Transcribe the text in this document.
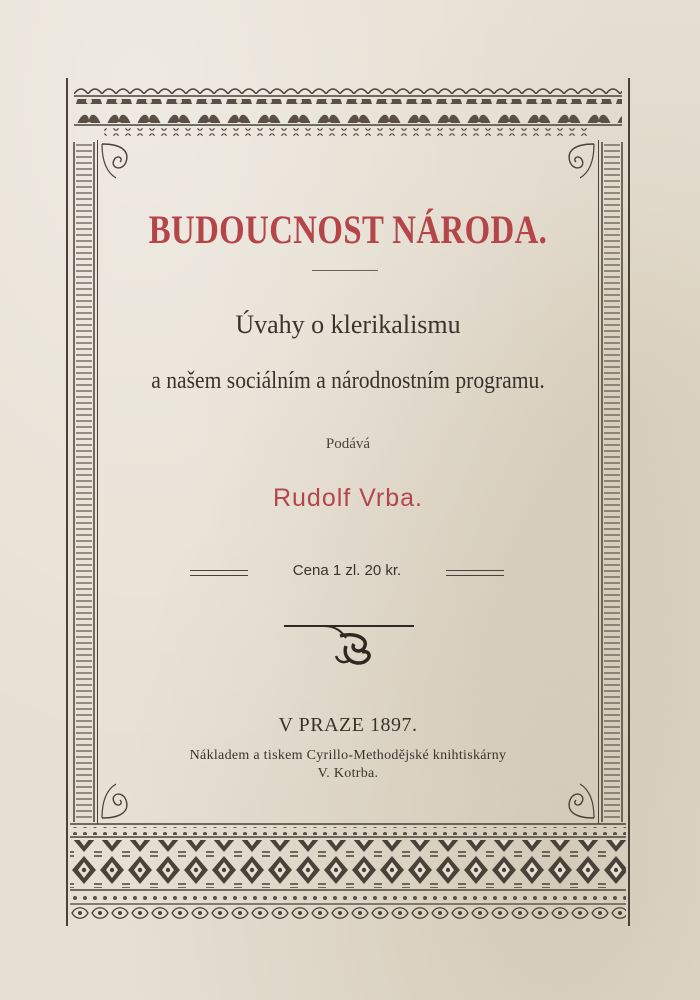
BUDOUCNOST NÁRODA.
Úvahy o klerikalismu
a našem sociálním a národnostním programu.
Podává
Rudolf Vrba.
Cena 1 zl. 20 kr.
V PRAZE 1897.
Nákladem a tiskem Cyrillo-Methodějské knihtiskárny
V. Kotrba.
